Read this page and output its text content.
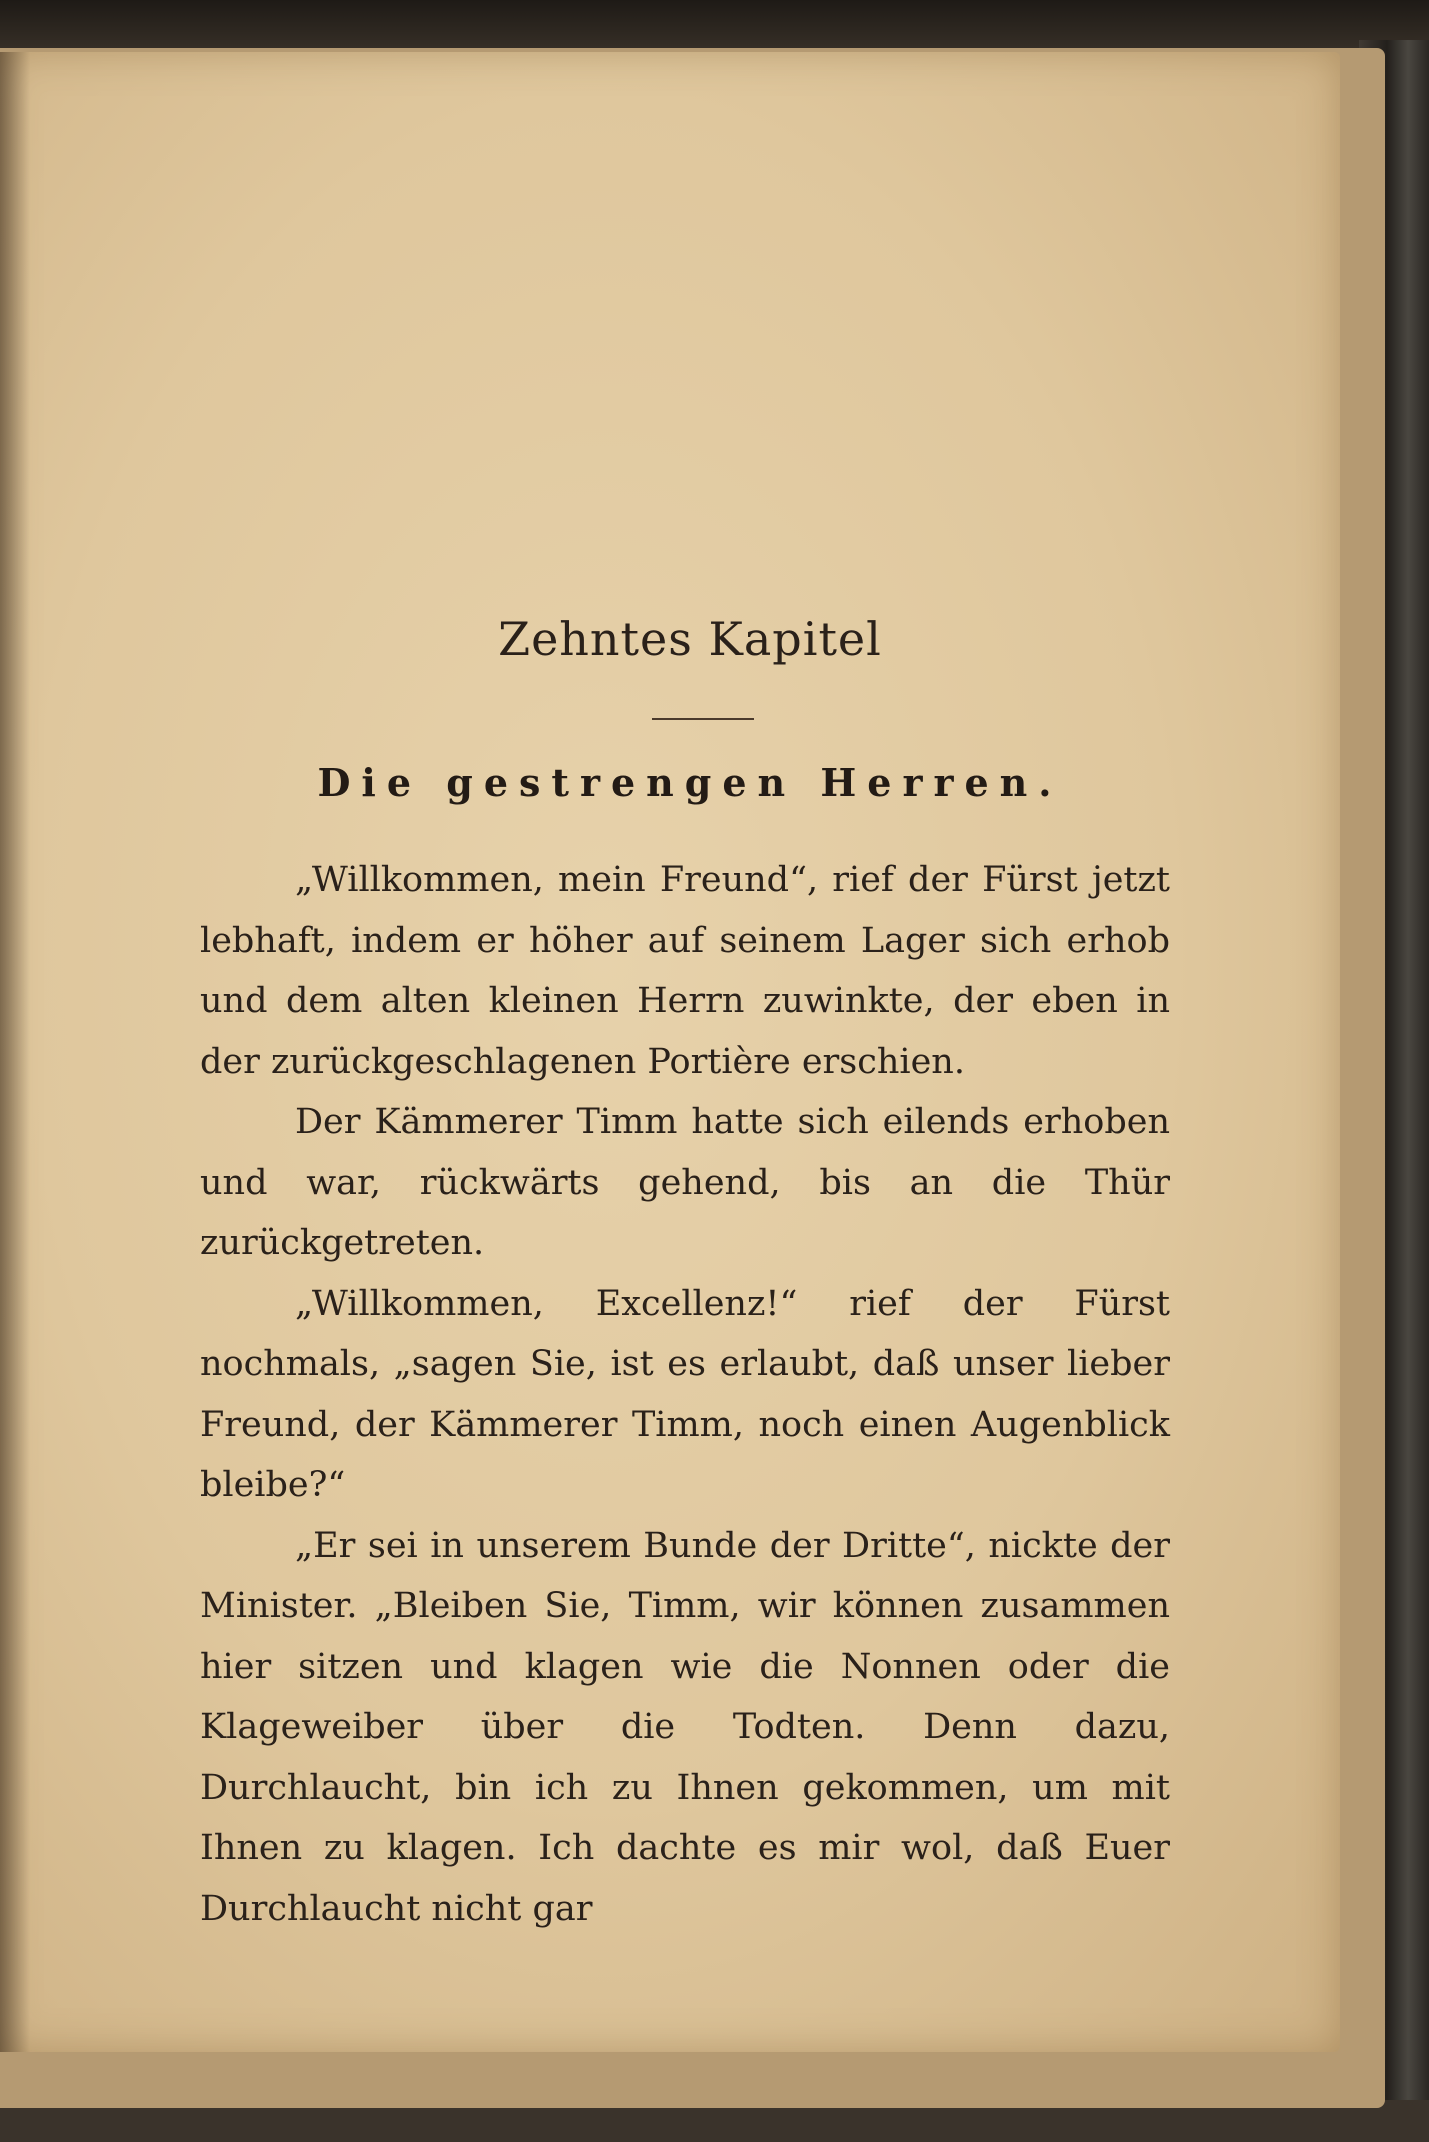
Zehntes Kapitel
Die gestrengen Herren.

„Willkommen, mein Freund“, rief der Fürst jetzt lebhaft, indem er höher auf seinem Lager sich erhob und dem alten kleinen Herrn zuwinkte, der eben in der zurückgeschlagenen Portière erschien.

Der Kämmerer Timm hatte sich eilends erhoben und war, rückwärts gehend, bis an die Thür zurückgetreten.

„Willkommen, Excellenz!“ rief der Fürst nochmals, „sagen Sie, ist es erlaubt, daß unser lieber Freund, der Kämmerer Timm, noch einen Augenblick bleibe?“

„Er sei in unserem Bunde der Dritte“, nickte der Minister. „Bleiben Sie, Timm, wir können zusammen hier sitzen und klagen wie die Nonnen oder die Klageweiber über die Todten. Denn dazu, Durchlaucht, bin ich zu Ihnen gekommen, um mit Ihnen zu klagen. Ich dachte es mir wol, daß Euer Durchlaucht nicht gar
